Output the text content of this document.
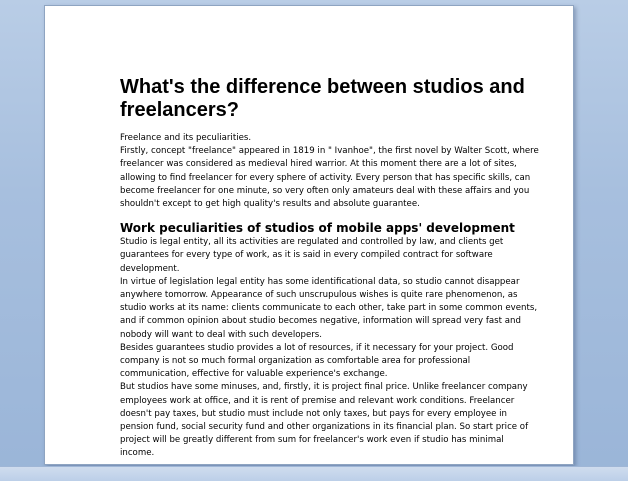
What's the difference between studios and freelancers?

Freelance and its peculiarities.

Firstly, concept "freelance" appeared in 1819 in " Ivanhoe", the first novel by Walter Scott, where freelancer was considered as medieval hired warrior. At this moment there are a lot of sites, allowing to find freelancer for every sphere of activity. Every person that has specific skills, can become freelancer for one minute, so very often only amateurs deal with these affairs and you shouldn't except to get high quality's results and absolute guarantee.

Work peculiarities of studios of mobile apps' development

Studio is legal entity, all its activities are regulated and controlled by law, and clients get guarantees for every type of work, as it is said in every compiled contract for software development.

In virtue of legislation legal entity has some identificational data, so studio cannot disappear anywhere tomorrow. Appearance of such unscrupulous wishes is quite rare phenomenon, as studio works at its name: clients communicate to each other, take part in some common events, and if common opinion about studio becomes negative, information will spread very fast and nobody will want to deal with such developers.

Besides guarantees studio provides a lot of resources, if it necessary for your project. Good company is not so much formal organization as comfortable area for professional communication, effective for valuable experience's exchange.

But studios have some minuses, and, firstly, it is project final price. Unlike freelancer company employees work at office, and it is rent of premise and relevant work conditions. Freelancer doesn't pay taxes, but studio must include not only taxes, but pays for every employee in pension fund, social security fund and other organizations in its financial plan. So start price of project will be greatly different from sum for freelancer's work even if studio has minimal income.
